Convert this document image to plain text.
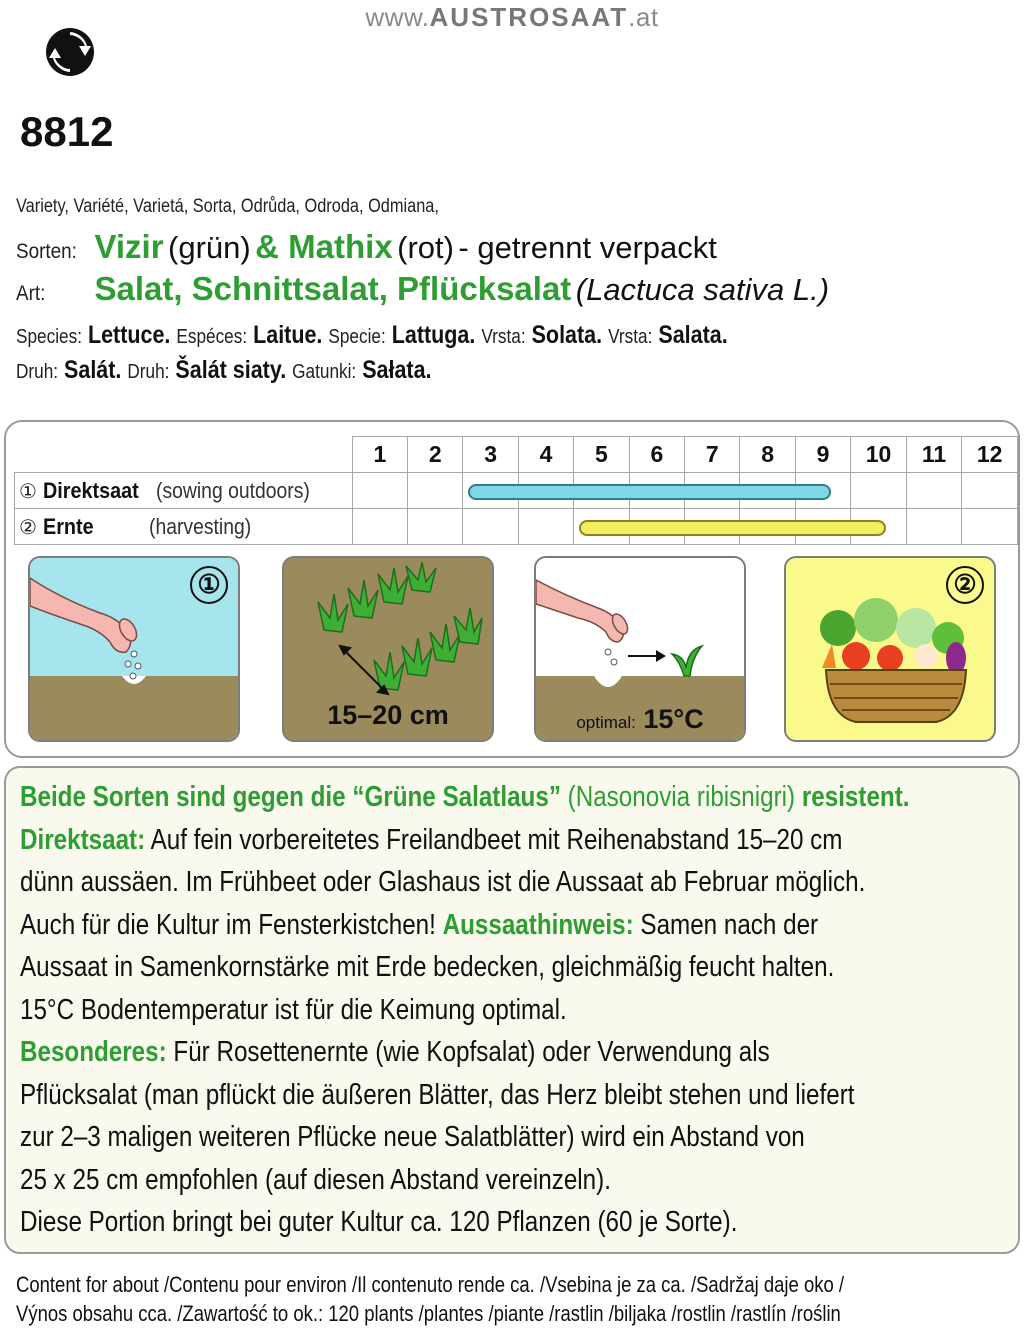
www.AUSTROSAAT.at
8812
Variety, Variété, Varietá, Sorta, Odrůda, Odroda, Odmiana,
Sorten: Vizir (grün) & Mathix (rot) - getrennt verpackt
Art: Salat, Schnittsalat, Pflücksalat (Lactuca sativa L.)
Species: Lettuce. Espéces: Laitue. Specie: Lattuga. Vrsta: Solata. Vrsta: Salata.
Druh: Salát. Druh: Šalát siaty. Gatunki: Sałata.
	1	2	3	4	5	6	7	8	9	10	11	12
① Direktsaat (sowing outdoors)												
② Ernte (harvesting)												
①
15–20 cm	optimal: 15°C
②
Beide Sorten sind gegen die “Grüne Salatlaus” (Nasonovia ribisnigri) resistent.
Direktsaat: Auf fein vorbereitetes Freilandbeet mit Reihenabstand 15–20 cm
dünn aussäen. Im Frühbeet oder Glashaus ist die Aussaat ab Februar möglich.
Auch für die Kultur im Fensterkistchen! Aussaathinweis: Samen nach der
Aussaat in Samenkornstärke mit Erde bedecken, gleichmäßig feucht halten.
15°C Bodentemperatur ist für die Keimung optimal.
Besonderes: Für Rosettenernte (wie Kopfsalat) oder Verwendung als
Pflücksalat (man pflückt die äußeren Blätter, das Herz bleibt stehen und liefert
zur 2–3 maligen weiteren Pflücke neue Salatblätter) wird ein Abstand von
25 x 25 cm empfohlen (auf diesen Abstand vereinzeln).
Diese Portion bringt bei guter Kultur ca. 120 Pflanzen (60 je Sorte).
Content for about /Contenu pour environ /Il contenuto rende ca. /Vsebina je za ca. /Sadržaj daje oko /
Výnos obsahu cca. /Zawartość to ok.: 120 plants /plantes /piante /rastlin /biljaka /rostlin /rastlín /roślin
